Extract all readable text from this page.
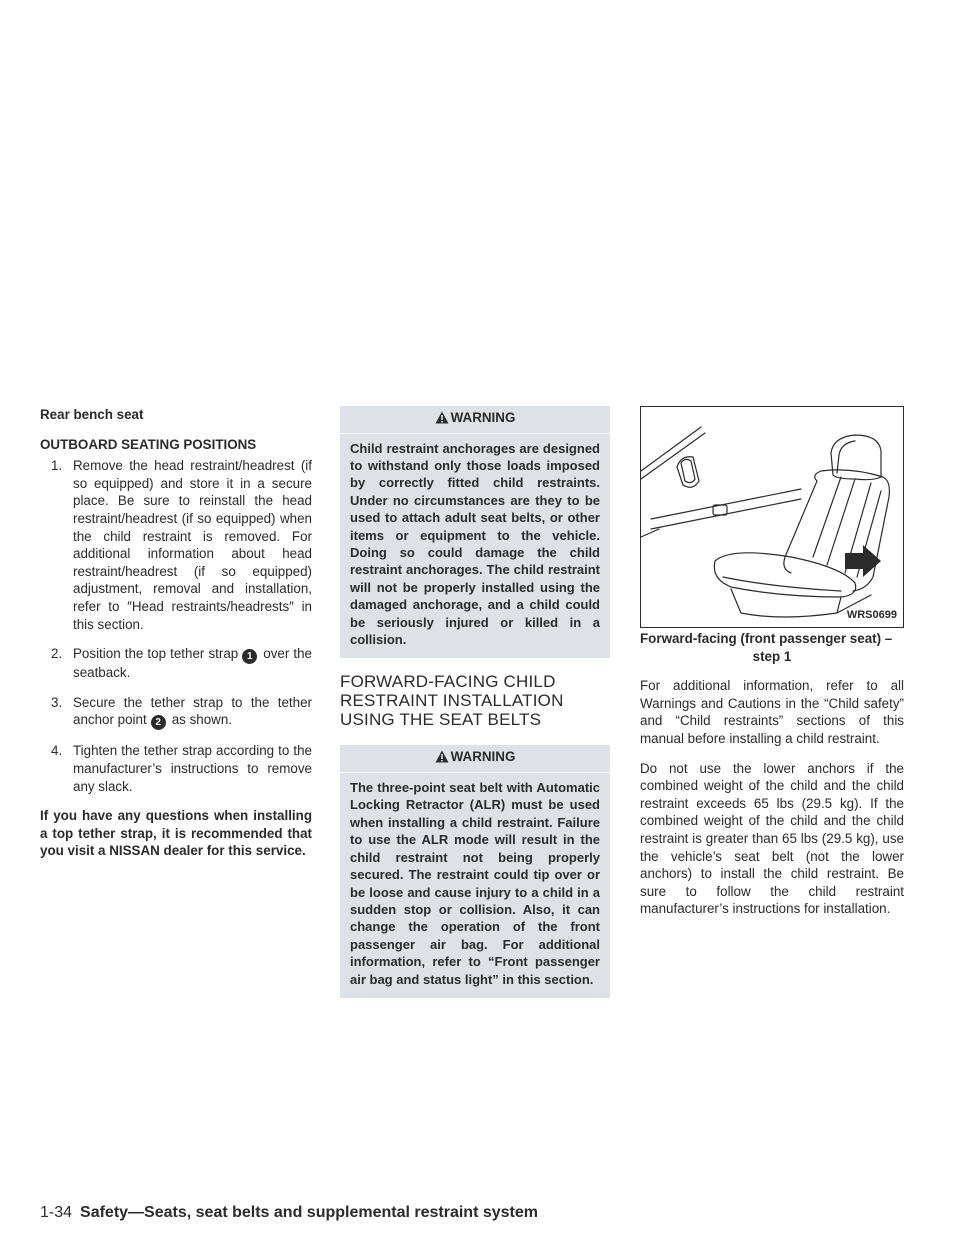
Rear bench seat
OUTBOARD SEATING POSITIONS
1. Remove the head restraint/headrest (if so equipped) and store it in a secure place. Be sure to reinstall the head restraint/headrest (if so equipped) when the child restraint is removed. For additional information about head restraint/headrest (if so equipped) adjustment, removal and installation, refer to ″Head restraints/headrests″ in this section.
2. Position the top tether strap 1 over the seatback.
3. Secure the tether strap to the tether anchor point 2 as shown.
4. Tighten the tether strap according to the manufacturer’s instructions to remove any slack.
If you have any questions when installing a top tether strap, it is recommended that you visit a NISSAN dealer for this service.
WARNING
Child restraint anchorages are designed to withstand only those loads imposed by correctly fitted child restraints. Under no circumstances are they to be used to attach adult seat belts, or other items or equipment to the vehicle. Doing so could damage the child restraint anchorages. The child restraint will not be properly installed using the damaged anchorage, and a child could be seriously injured or killed in a collision.
FORWARD-FACING CHILD RESTRAINT INSTALLATION USING THE SEAT BELTS
WARNING
The three-point seat belt with Automatic Locking Retractor (ALR) must be used when installing a child restraint. Failure to use the ALR mode will result in the child restraint not being properly secured. The restraint could tip over or be loose and cause injury to a child in a sudden stop or collision. Also, it can change the operation of the front passenger air bag. For additional information, refer to “Front passenger air bag and status light” in this section.
WRS0699
Forward-facing (front passenger seat) –
step 1
For additional information, refer to all Warnings and Cautions in the “Child safety” and “Child restraints” sections of this manual before installing a child restraint.
Do not use the lower anchors if the combined weight of the child and the child restraint exceeds 65 lbs (29.5 kg). If the combined weight of the child and the child restraint is greater than 65 lbs (29.5 kg), use the vehicle’s seat belt (not the lower anchors) to install the child restraint. Be sure to follow the child restraint manufacturer’s instructions for installation.
1-34 Safety—Seats, seat belts and supplemental restraint system
